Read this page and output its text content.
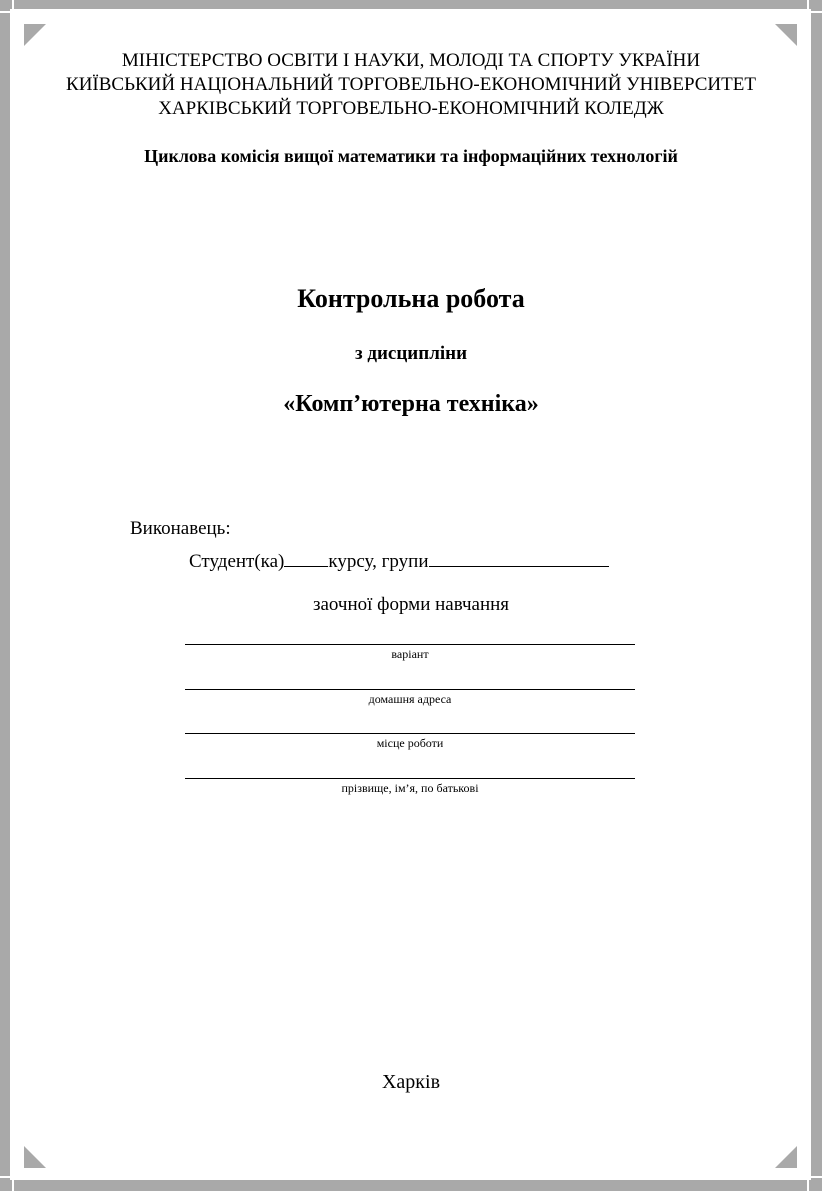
МІНІСТЕРСТВО ОСВІТИ І НАУКИ, МОЛОДІ ТА СПОРТУ УКРАЇНИ
КИЇВСЬКИЙ НАЦІОНАЛЬНИЙ ТОРГОВЕЛЬНО-ЕКОНОМІЧНИЙ УНІВЕРСИТЕТ
ХАРКІВСЬКИЙ ТОРГОВЕЛЬНО-ЕКОНОМІЧНИЙ КОЛЕДЖ
Циклова комісія вищої математики та інформаційних технологій
Контрольна робота
з дисципліни
«Комп’ютерна техніка»
Виконавець:
Студент(ка) курсу, групи
заочної форми навчання
варіант
домашня адреса
місце роботи
прізвище, ім’я, по батькові
Харків
